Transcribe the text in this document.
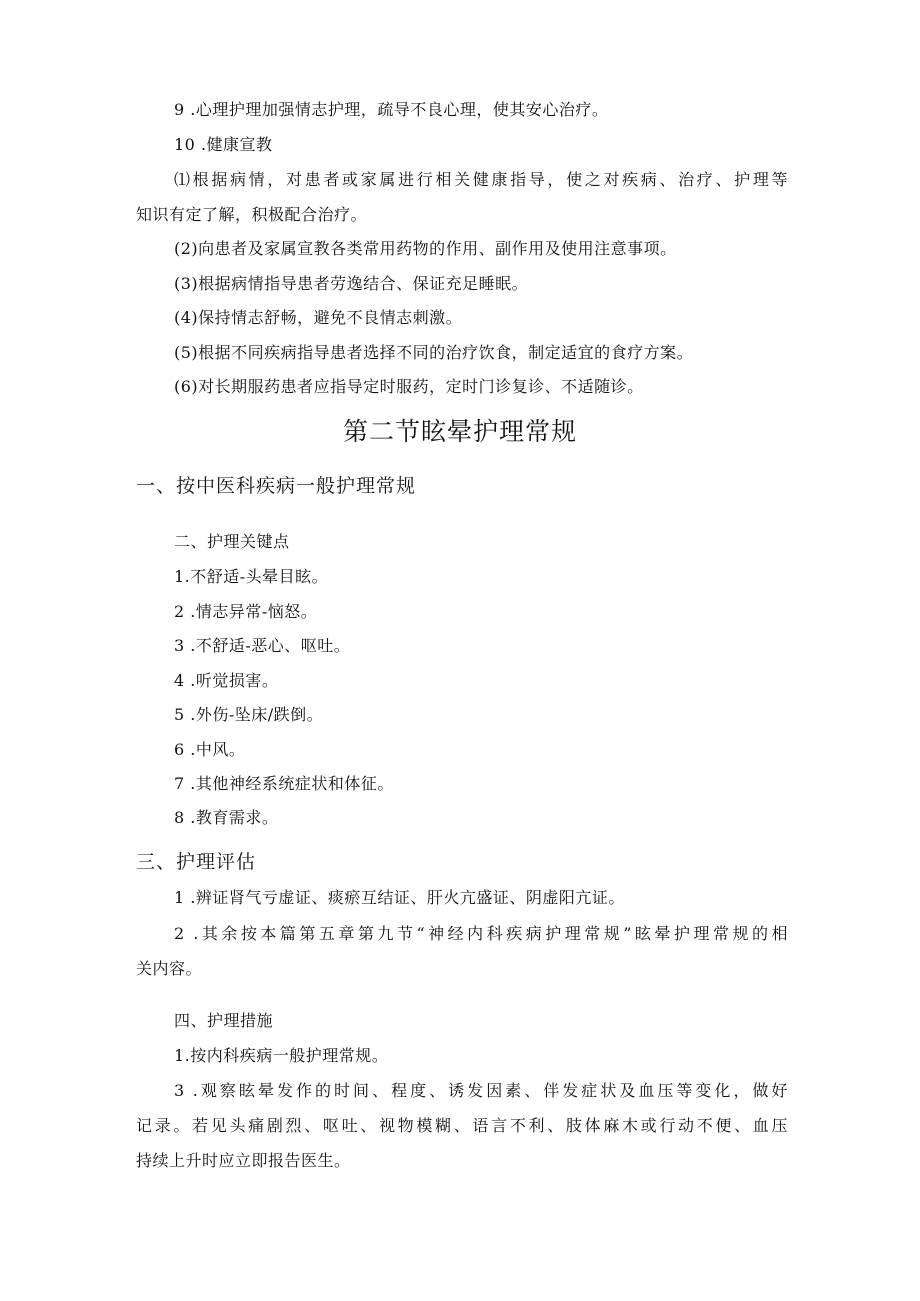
9 .心理护理加强情志护理，疏导不良心理，使其安心治疗。
10 .健康宣教
⑴根据病情，对患者或家属进行相关健康指导，使之对疾病、治疗、护理等
知识有定了解，积极配合治疗。
(2)向患者及家属宣教各类常用药物的作用、副作用及使用注意事项。
(3)根据病情指导患者劳逸结合、保证充足睡眠。
(4)保持情志舒畅，避免不良情志刺激。
(5)根据不同疾病指导患者选择不同的治疗饮食，制定适宜的食疗方案。
(6)对长期服药患者应指导定时服药，定时门诊复诊、不适随诊。
第二节眩晕护理常规
一、按中医科疾病一般护理常规
二、护理关键点
1.不舒适-头晕目眩。
2 .情志异常-恼怒。
3 .不舒适-恶心、呕吐。
4 .听觉损害。
5 .外伤-坠床/跌倒。
6 .中风。
7 .其他神经系统症状和体征。
8 .教育需求。
三、护理评估
1 .辨证肾气亏虚证、痰瘀互结证、肝火亢盛证、阴虚阳亢证。
2 .其余按本篇第五章第九节“神经内科疾病护理常规”眩晕护理常规的相
关内容。
四、护理措施
1.按内科疾病一般护理常规。
3 .观察眩晕发作的时间、程度、诱发因素、伴发症状及血压等变化，做好
记录。若见头痛剧烈、呕吐、视物模糊、语言不利、肢体麻木或行动不便、血压
持续上升时应立即报告医生。
